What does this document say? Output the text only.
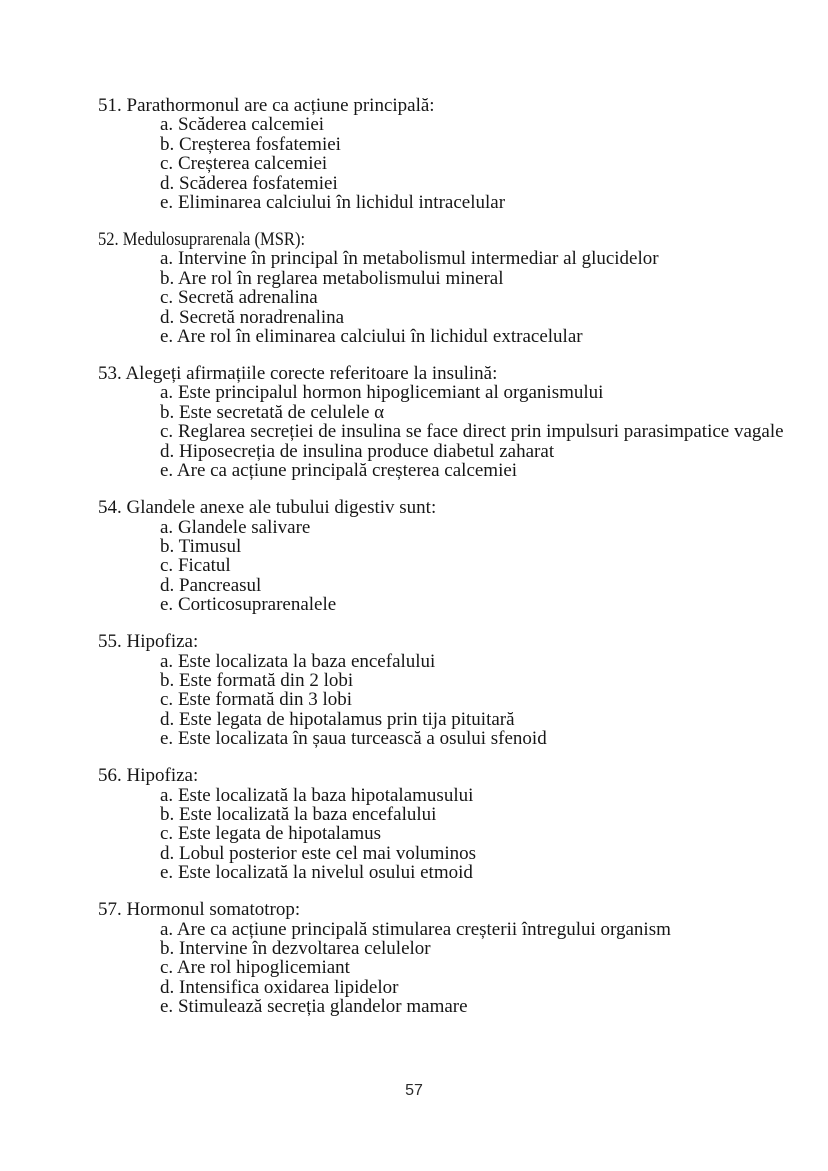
51. Parathormonul are ca acțiune principală:
a. Scăderea calcemiei
b. Creșterea fosfatemiei
c. Creșterea calcemiei
d. Scăderea fosfatemiei
e. Eliminarea calciului în lichidul intracelular
52. Medulosuprarenala (MSR):
a. Intervine în principal în metabolismul intermediar al glucidelor
b. Are rol în reglarea metabolismului mineral
c. Secretă adrenalina
d. Secretă noradrenalina
e. Are rol în eliminarea calciului în lichidul extracelular
53. Alegeți afirmațiile corecte referitoare la insulină:
a. Este principalul hormon hipoglicemiant al organismului
b. Este secretată de celulele α
c. Reglarea secreției de insulina se face direct prin impulsuri parasimpatice vagale
d. Hiposecreția de insulina produce diabetul zaharat
e. Are ca acțiune principală creșterea calcemiei
54. Glandele anexe ale tubului digestiv sunt:
a. Glandele salivare
b. Timusul
c. Ficatul
d. Pancreasul
e. Corticosuprarenalele
55. Hipofiza:
a. Este localizata la baza encefalului
b. Este formată din 2 lobi
c. Este formată din 3 lobi
d. Este legata de hipotalamus prin tija pituitară
e. Este localizata în șaua turcească a osului sfenoid
56. Hipofiza:
a. Este localizată la baza hipotalamusului
b. Este localizată la baza encefalului
c. Este legata de hipotalamus
d. Lobul posterior este cel mai voluminos
e. Este localizată la nivelul osului etmoid
57. Hormonul somatotrop:
a. Are ca acțiune principală stimularea creșterii întregului organism
b. Intervine în dezvoltarea celulelor
c. Are rol hipoglicemiant
d. Intensifica oxidarea lipidelor
e. Stimulează secreția glandelor mamare
57
